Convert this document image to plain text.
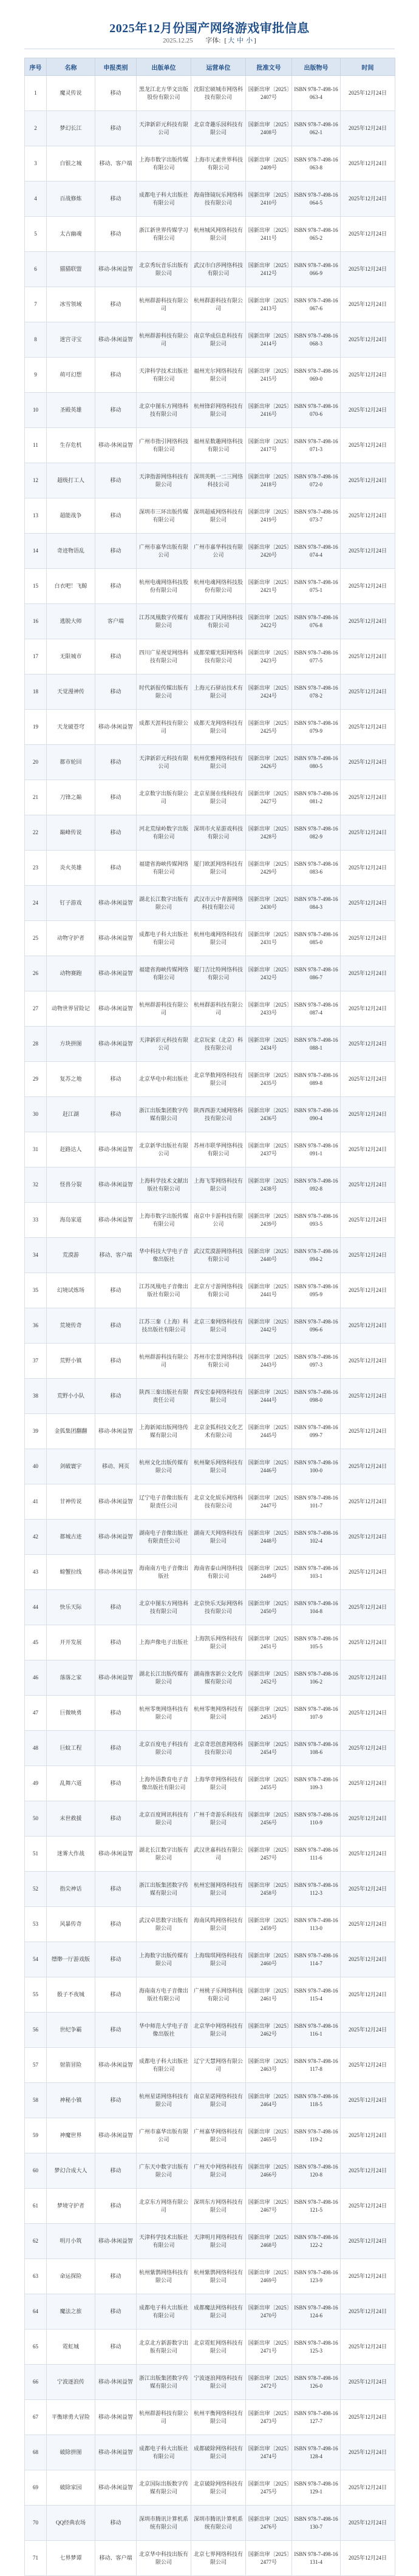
2025年12月份国产网络游戏审批信息
2025.12.25 字体: [ 大 中 小 ]
序号	名称	申报类别	出版单位	运营单位	批准文号	出版物号	时间
1	魔灵传说	移动	黑龙江北方华文出版股份有限公司	沈阳宏硕城市网络科技有限公司	国新出审〔2025〕2407号	ISBN 978-7-498-16063-4	2025年12月24日
2	梦幻长江	移动	天津新彩元科技有限公司	北京奇趣乐园科技有限公司	国新出审〔2025〕2408号	ISBN 978-7-498-16062-1	2025年12月24日
3	白银之城	移动、客户端	上海市数字出版传媒有限公司	上海市元素世界科技有限公司	国新出审〔2025〕2409号	ISBN 978-7-498-16063-8	2025年12月24日
4	百战修炼	移动	成都电子科大出版社有限公司	海南锋镜玩乐网络科技有限公司	国新出审〔2025〕2410号	ISBN 978-7-498-16064-5	2025年12月24日
5	太古幽魂	移动	浙江新世界传媒学习有限公司	杭州城风网络科技有限公司	国新出审〔2025〕2411号	ISBN 978-7-498-16065-2	2025年12月24日
6	猫猫联盟	移动-休闲益智	北京秀玩音乐出版有限公司	武汉市白莎网络科技有限公司	国新出审〔2025〕2412号	ISBN 978-7-498-16066-9	2025年12月24日
7	冰雪领域	移动	杭州群游科技有限公司	杭州群游科技有限公司	国新出审〔2025〕2413号	ISBN 978-7-498-16067-6	2025年12月24日
8	迷宫寻宝	移动-休闲益智	杭州群游科技有限公司	南京华成信息科技有限公司	国新出审〔2025〕2414号	ISBN 978-7-498-16068-3	2025年12月24日
9	萌可幻想	移动	天津科学技术出版社有限公司	福州光尔网络科技有限公司	国新出审〔2025〕2415号	ISBN 978-7-498-16069-0	2025年12月24日
10	圣殿英雄	移动	北京中图东方网络科技有限公司	杭州锋彩网络科技有限公司	国新出审〔2025〕2416号	ISBN 978-7-498-16070-6	2025年12月24日
11	生存危机	移动-休闲益智	广州市指引网络科技有限公司	福州星数趣网络科技有限公司	国新出审〔2025〕2417号	ISBN 978-7-498-16071-3	2025年12月24日
12	超级打工人	移动	天津指游网络科技有限公司	深圳英帆一二三网络科技公司	国新出审〔2025〕2418号	ISBN 978-7-498-16072-0	2025年12月24日
13	超能战争	移动	深圳市三环出版传媒有限公司	深圳超威网络科技有限公司	国新出审〔2025〕2419号	ISBN 978-7-498-16073-7	2025年12月24日
14	奇迹物语乱	移动	广州市嘉华出版有限公司	广州市嘉华科技有限公司	国新出审〔2025〕2420号	ISBN 978-7-498-16074-4	2025年12月24日
15	白衣吧！飞鲸	移动	杭州电魂网络科技股份有限公司	杭州电魂网络科技股份有限公司	国新出审〔2025〕2421号	ISBN 978-7-498-16075-1	2025年12月24日
16	逃脱大师	客户端	江苏凤凰数字传媒有限公司	成都拉丁风网络科技有限公司	国新出审〔2025〕2422号	ISBN 978-7-498-16076-8	2025年12月24日
17	无限城市	移动	四川广星视觉网络科技有限公司	成都荣耀光阳网络科技有限公司	国新出审〔2025〕2423号	ISBN 978-7-498-16077-5	2025年12月24日
18	天觉漫神传	移动	时代新报传媒出版有限公司	上海元石驿站技术有限公司	国新出审〔2025〕2424号	ISBN 978-7-498-16078-2	2025年12月24日
19	天龙破苍穹	移动-休闲益智	成都天涯科技有限公司	成都天龙网络科技有限公司	国新出审〔2025〕2425号	ISBN 978-7-498-16079-9	2025年12月24日
20	都市轮回	移动	天津新彩元科技有限公司	杭州优雅网络科技有限公司	国新出审〔2025〕2426号	ISBN 978-7-498-16080-5	2025年12月24日
21	刀锋之巅	移动	北京数字出版有限公司	北京星图在线科技有限公司	国新出审〔2025〕2427号	ISBN 978-7-498-16081-2	2025年12月24日
22	巅峰传说	移动	河北荒绿岭数字出版有限公司	深圳市火星游戏科技有限公司	国新出审〔2025〕2428号	ISBN 978-7-498-16082-9	2025年12月24日
23	炎火英雄	移动	福建省海峡传媒网络有限公司	厦门欧派网络科技有限公司	国新出审〔2025〕2429号	ISBN 978-7-498-16083-6	2025年12月24日
24	钉子游戏	移动-休闲益智	湖北长江数字出版有限公司	武汉市云中青游网络科技有限公司	国新出审〔2025〕2430号	ISBN 978-7-498-16084-3	2025年12月24日
25	动物守护者	移动-休闲益智	成都电子科大出版社有限公司	杭州电魂网络科技有限公司	国新出审〔2025〕2431号	ISBN 978-7-498-16085-0	2025年12月24日
26	动物赛跑	移动-休闲益智	福建省海峡传媒网络有限公司	厦门吉比特网络科技有限公司	国新出审〔2025〕2432号	ISBN 978-7-498-16086-7	2025年12月24日
27	动物世界冒险记	移动-休闲益智	杭州群游科技有限公司	杭州群游科技有限公司	国新出审〔2025〕2433号	ISBN 978-7-498-16087-4	2025年12月24日
28	方块拼图	移动-休闲益智	天津新彩元科技有限公司	北京玩家（北京）科技有限公司	国新出审〔2025〕2434号	ISBN 978-7-498-16088-1	2025年12月24日
29	复苏之地	移动	北京华电中利出版社	北京华数网络科技有限公司	国新出审〔2025〕2435号	ISBN 978-7-498-16089-8	2025年12月24日
30	赶江湖	移动	浙江出版集团数字传媒有限公司	陕西西游天域网络科技有限公司	国新出审〔2025〕2436号	ISBN 978-7-498-16090-4	2025年12月24日
31	赶路达人	移动-休闲益智	北京新华出版社有限公司	苏州市联华网络科技有限公司	国新出审〔2025〕2437号	ISBN 978-7-498-16091-1	2025年12月24日
32	怪兽分裂	移动-休闲益智	上海科学技术文献出版社有限公司	上海飞零网络科技有限公司	国新出审〔2025〕2438号	ISBN 978-7-498-16092-8	2025年12月24日
33	海岛家道	移动-休闲益智	上海市数字出版传媒有限公司	南京中卡游科技有限公司	国新出审〔2025〕2439号	ISBN 978-7-498-16093-5	2025年12月24日
34	荒漠游	移动、客户端	华中科技大学电子音像出版社	武汉荒漠游网络科技有限公司	国新出审〔2025〕2440号	ISBN 978-7-498-16094-2	2025年12月24日
35	幻境试炼场	移动	江苏凤凰电子音像出版社有限公司	北京方寸游网络科技有限公司	国新出审〔2025〕2441号	ISBN 978-7-498-16095-9	2025年12月24日
36	荒境传奇	移动	江苏三秦（上海）科技出版社有限公司	北京三秦网络科技有限公司	国新出审〔2025〕2442号	ISBN 978-7-498-16096-6	2025年12月24日
37	荒野小镇	移动	杭州群游科技有限公司	苏州市宏景网络科技有限公司	国新出审〔2025〕2443号	ISBN 978-7-498-16097-3	2025年12月24日
38	荒野小小队	移动	陕西三秦出版社有限责任公司	西安宏泰网络科技有限公司	国新出审〔2025〕2444号	ISBN 978-7-498-16098-0	2025年12月24日
39	金狐集团翻翻	移动-休闲益智	上海新闻出版网络传媒有限公司	北京金狐科技文化艺术有限公司	国新出审〔2025〕2445号	ISBN 978-7-498-16099-7	2025年12月24日
40	剑破寰宇	移动、网页	杭州文化出版传媒有限公司	杭州聚乐网络科技有限公司	国新出审〔2025〕2446号	ISBN 978-7-498-16100-0	2025年12月24日
41	甘神传说	移动-休闲益智	辽宁电子音像出版有限责任公司	北京文化娱乐网络科技有限公司	国新出审〔2025〕2447号	ISBN 978-7-498-16101-7	2025年12月24日
42	都城古迹	移动-休闲益智	湖南电子音像出版社有限责任公司	湖南天天网络科技有限公司	国新出审〔2025〕2448号	ISBN 978-7-498-16102-4	2025年12月24日
43	螃蟹拉线	移动-休闲益智	海南南方电子音像出版社	海南省泰山网络科技有限公司	国新出审〔2025〕2449号	ISBN 978-7-498-16103-1	2025年12月24日
44	快乐天际	移动	北京中图东方网络科技有限公司	北京快乐天际网络科技有限公司	国新出审〔2025〕2450号	ISBN 978-7-498-16104-8	2025年12月24日
45	开开发展	移动	上海声像电子出版社	上海凯乐网络科技有限公司	国新出审〔2025〕2451号	ISBN 978-7-498-16105-5	2025年12月24日
46	落落之家	移动-休闲益智	湖北长江出版传媒有限公司	湖南推客新公文化传媒有限公司	国新出审〔2025〕2452号	ISBN 978-7-498-16106-2	2025年12月24日
47	巨微映勇	移动	杭州零奥网络科技有限公司	杭州零奥网络科技有限公司	国新出审〔2025〕2453号	ISBN 978-7-498-16107-9	2025年12月24日
48	巨蚊工程	移动	北京百度电子科技有限公司	北京奇思创意网络科技有限公司	国新出审〔2025〕2454号	ISBN 978-7-498-16108-6	2025年12月24日
49	乱舞六道	移动	上海外语教育电子音像出版社有限公司	上海华章网络科技有限公司	国新出审〔2025〕2455号	ISBN 978-7-498-16109-3	2025年12月24日
50	末世救援	移动	北京百度网讯科技有限公司	广州千奇游乐科技有限公司	国新出审〔2025〕2456号	ISBN 978-7-498-16110-9	2025年12月24日
51	迷雾大作战	移动-休闲益智	湖北长江数字出版有限公司	武汉世嘉科技有限公司	国新出审〔2025〕2457号	ISBN 978-7-498-16111-6	2025年12月24日
52	指尖神话	移动	浙江出版集团数字传媒有限公司	杭州宏图网络科技有限公司	国新出审〔2025〕2458号	ISBN 978-7-498-16112-3	2025年12月24日
53	风暴传奇	移动	武汉卓思数字出版有限公司	海南风鸣网络科技有限公司	国新出审〔2025〕2459号	ISBN 978-7-498-16113-0	2025年12月24日
54	缥缈一厅游戏版	移动	上海数字出版传媒有限公司	上海瑞琪网络科技有限公司	国新出审〔2025〕2460号	ISBN 978-7-498-16114-7	2025年12月24日
55	骰子不夜城	移动	海南南方电子音像出版社有限公司	广州桃子乐网络科技有限公司	国新出审〔2025〕2461号	ISBN 978-7-498-16115-4	2025年12月24日
56	世纪争霸	移动	华中师范大学电子音像出版社	北京华中网络科技有限公司	国新出审〔2025〕2462号	ISBN 978-7-498-16116-1	2025年12月24日
57	射箭冒险	移动-休闲益智	成都电子科大出版社有限公司	辽宁天慧网络有限公司	国新出审〔2025〕2463号	ISBN 978-7-498-16117-8	2025年12月24日
58	神秘小镇	移动	杭州星诺网络科技有限公司	南京星诺网络科技有限公司	国新出审〔2025〕2464号	ISBN 978-7-498-16118-5	2025年12月24日
59	神魔世界	移动-休闲益智	广州市嘉华出版有限公司	广州嘉华网络科技有限公司	国新出审〔2025〕2465号	ISBN 978-7-498-16119-2	2025年12月24日
60	梦幻合成大人	移动	广东天中数字出版有限公司	广州天中网络科技有限公司	国新出审〔2025〕2466号	ISBN 978-7-498-16120-8	2025年12月24日
61	梦境守护者	移动	北京东方网络有限公司	深圳东方网络科技有限公司	国新出审〔2025〕2467号	ISBN 978-7-498-16121-5	2025年12月24日
62	明月小筑	移动-休闲益智	天津科学技术出版社有限公司	天津明月网络科技有限公司	国新出审〔2025〕2468号	ISBN 978-7-498-16122-2	2025年12月24日
63	命运探险	移动	杭州紫鹊网络科技有限公司	杭州紫鹊网络科技有限公司	国新出审〔2025〕2469号	ISBN 978-7-498-16123-9	2025年12月24日
64	魔法之旅	移动	成都电子科大出版社有限公司	成都魔法网络科技有限公司	国新出审〔2025〕2470号	ISBN 978-7-498-16124-6	2025年12月24日
65	霓虹城	移动	北京北方新游数字出版有限公司	北京霓虹网络科技有限公司	国新出审〔2025〕2471号	ISBN 978-7-498-16125-3	2025年12月24日
66	宁波逐浪传	移动-休闲益智	浙江出版集团数字传媒有限公司	宁波逐浪网络科技有限公司	国新出审〔2025〕2472号	ISBN 978-7-498-16126-0	2025年12月24日
67	平衡球勇大冒险	移动-休闲益智	杭州群游科技有限公司	杭州平衡网络科技有限公司	国新出审〔2025〕2473号	ISBN 978-7-498-16127-7	2025年12月24日
68	破除拼图	移动-休闲益智	成都电子科大出版社有限公司	成都破除网络科技有限公司	国新出审〔2025〕2474号	ISBN 978-7-498-16128-4	2025年12月24日
69	破除家园	移动-休闲益智	北京国际出版数字传媒有限公司	北京破除网络科技有限公司	国新出审〔2025〕2475号	ISBN 978-7-498-16129-1	2025年12月24日
70	QQ经典农场	移动	深圳市腾讯计算机系统有限公司	深圳市腾讯计算机系统有限公司	国新出审〔2025〕2476号	ISBN 978-7-498-16130-7	2025年12月24日
71	七界梦谭	移动、客户端	北京华中科技出版有限公司	北京七界网络科技有限公司	国新出审〔2025〕2477号	ISBN 978-7-498-16131-4	2025年12月24日
